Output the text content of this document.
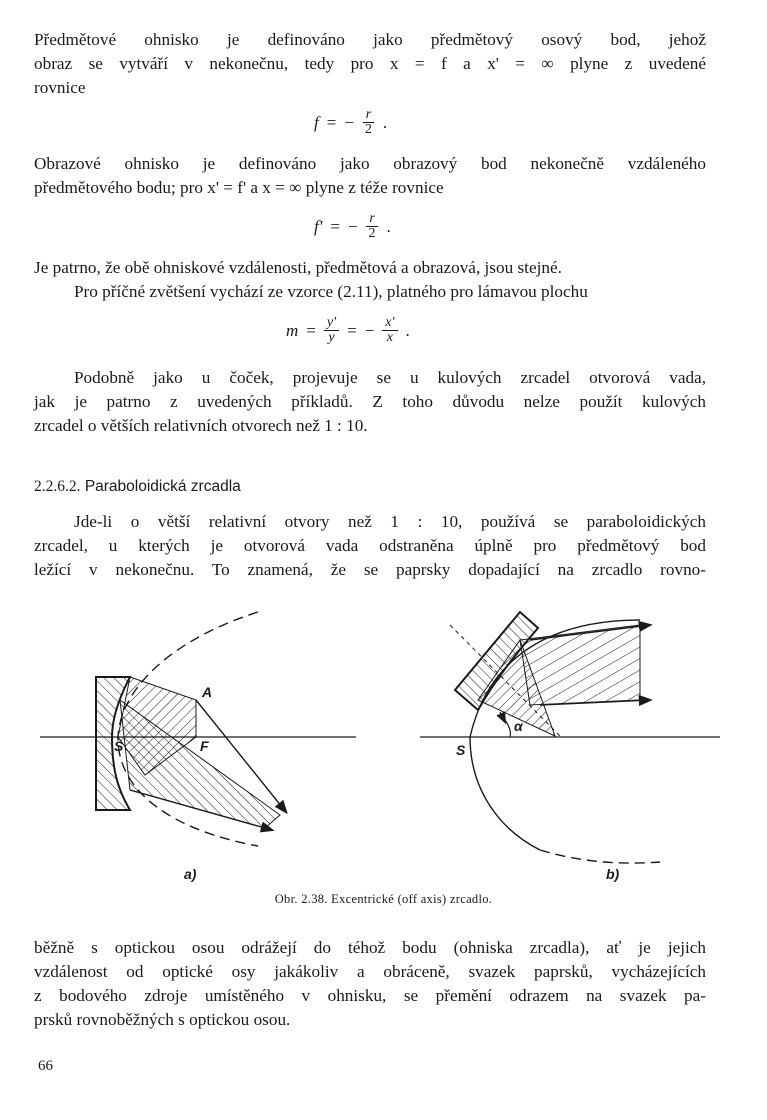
Předmětové ohnisko je definováno jako předmětový osový bod, jehož
obraz se vytváří v nekonečnu, tedy pro x = f a x' = ∞ plyne z uvedené
rovnice

f = − $\frac{r}{2}$ .

Obrazové ohnisko je definováno jako obrazový bod nekonečně vzdáleného
předmětového bodu; pro x' = f' a x = ∞ plyne z téže rovnice

f' = − $\frac{r}{2}$ .

Je patrno, že obě ohniskové vzdálenosti, předmětová a obrazová, jsou stejné.
Pro příčné zvětšení vychází ze vzorce (2.11), platného pro lámavou plochu

$m = \frac{y'}{y}$ = − $\frac{x'}{x}$ .

Podobně jako u čoček, projevuje se u kulových zrcadel otvorová vada,
jak je patrno z uvedených příkladů. Z toho důvodu nelze použít kulových
zrcadel o větších relativních otvorech než 1 : 10.

2.2.6.2. Paraboloidická zrcadla

Jde-li o větší relativní otvory než 1 : 10, používá se paraboloidických
zrcadel, u kterých je otvorová vada odstraněna úplně pro předmětový bod
ležící v nekonečnu. To znamená, že se paprsky dopadající na zrcadlo rovno-

A
S	F
a)
S
α
b)
Obr. 2.38. Excentrické (off axis) zrcadlo.

běžně s optickou osou odrážejí do téhož bodu (ohniska zrcadla), ať je jejich
vzdálenost od optické osy jakákoliv a obráceně, svazek paprsků, vycházejících
z bodového zdroje umístěného v ohnisku, se přemění odrazem na svazek pa-
prsků rovnoběžných s optickou osou.

66
